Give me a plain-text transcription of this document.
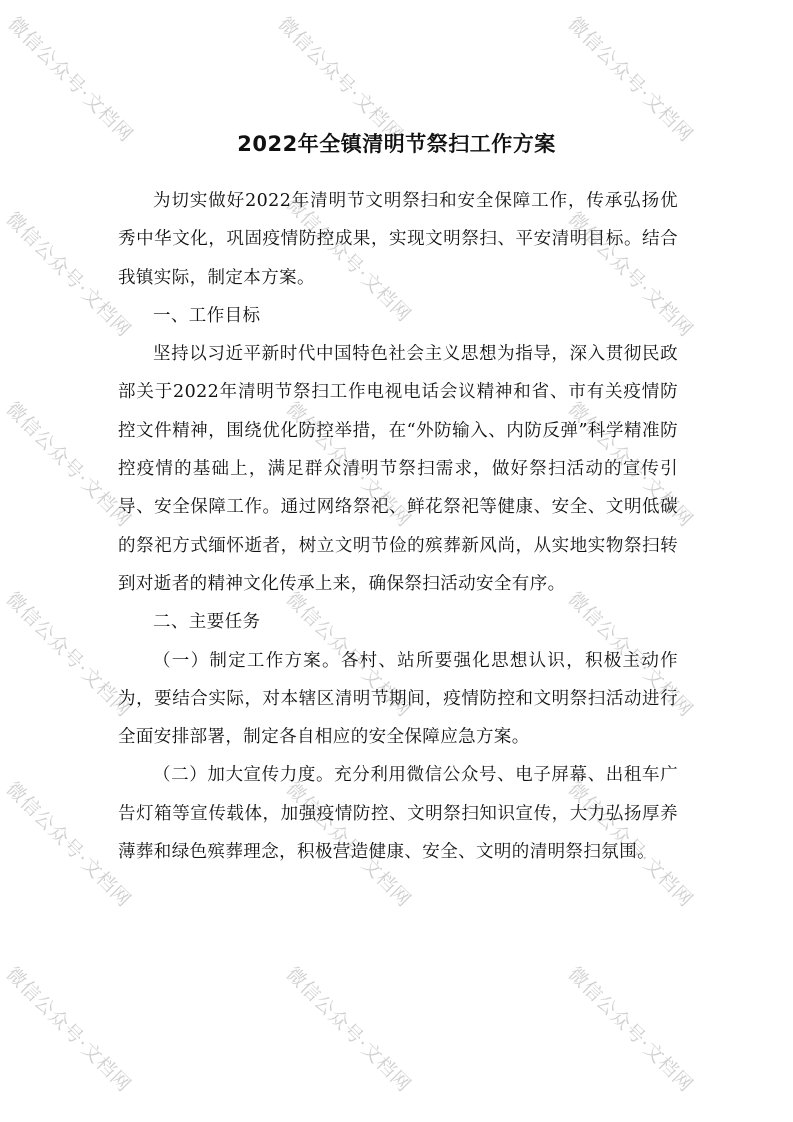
微信公众号·文档网	微信公众号·文档网	微信公众号·文档网
微信公众号·文档网	微信公众号·文档网	微信公众号·文档网
微信公众号·文档网	微信公众号·文档网	微信公众号·文档网
微信公众号·文档网	微信公众号·文档网	微信公众号·文档网
微信公众号·文档网	微信公众号·文档网	微信公众号·文档网
微信公众号·文档网	微信公众号·文档网	微信公众号·文档网
2022年全镇清明节祭扫工作方案

为切实做好2022年清明节文明祭扫和安全保障工作，传承弘扬优秀中华文化，巩固疫情防控成果，实现文明祭扫、平安清明目标。结合我镇实际，制定本方案。

一、工作目标

坚持以习近平新时代中国特色社会主义思想为指导，深入贯彻民政部关于2022年清明节祭扫工作电视电话会议精神和省、市有关疫情防控文件精神，围绕优化防控举措，在“外防输入、内防反弹”科学精准防控疫情的基础上，满足群众清明节祭扫需求，做好祭扫活动的宣传引导、安全保障工作。通过网络祭祀、鲜花祭祀等健康、安全、文明低碳的祭祀方式缅怀逝者，树立文明节俭的殡葬新风尚，从实地实物祭扫转到对逝者的精神文化传承上来，确保祭扫活动安全有序。

二、主要任务

（一）制定工作方案。各村、站所要强化思想认识，积极主动作为，要结合实际，对本辖区清明节期间，疫情防控和文明祭扫活动进行全面安排部署，制定各自相应的安全保障应急方案。

（二）加大宣传力度。充分利用微信公众号、电子屏幕、出租车广告灯箱等宣传载体，加强疫情防控、文明祭扫知识宣传，大力弘扬厚养薄葬和绿色殡葬理念，积极营造健康、安全、文明的清明祭扫氛围。
